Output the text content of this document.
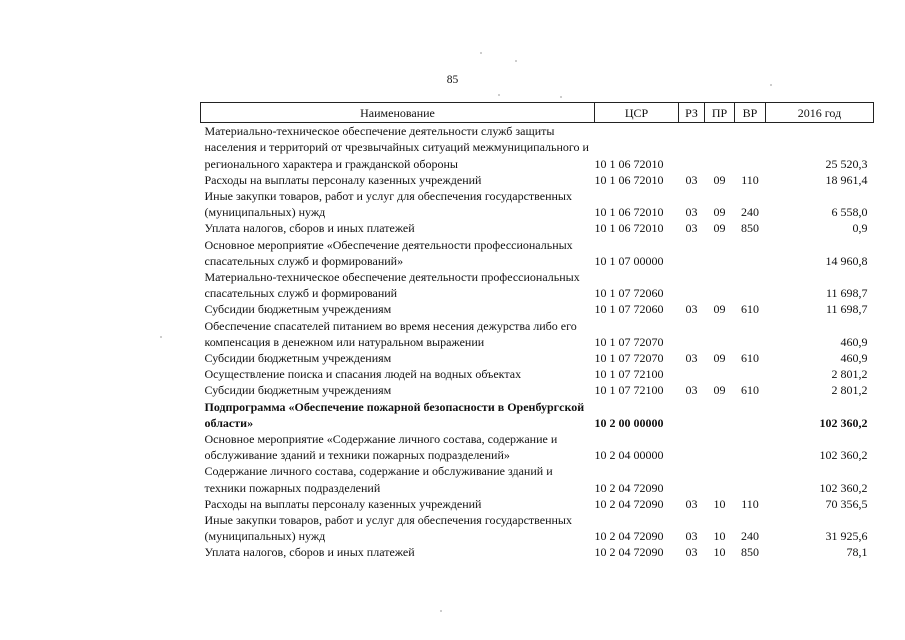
85
Наименование	ЦСР	РЗ	ПР	ВР	2016 год
Материально-техническое обеспечение деятельности служб защиты населения и территорий от чрезвычайных ситуаций межмуниципального и регионального характера и гражданской обороны	10 1 06 72010				25 520,3
Расходы на выплаты персоналу казенных учреждений	10 1 06 72010	03	09	110	18 961,4
Иные закупки товаров, работ и услуг для обеспечения государственных (муниципальных) нужд	10 1 06 72010	03	09	240	6 558,0
Уплата налогов, сборов и иных платежей	10 1 06 72010	03	09	850	0,9
Основное мероприятие «Обеспечение деятельности профессиональных спасательных служб и формирований»	10 1 07 00000				14 960,8
Материально-техническое обеспечение деятельности профессиональных спасательных служб и формирований	10 1 07 72060				11 698,7
Субсидии бюджетным учреждениям	10 1 07 72060	03	09	610	11 698,7
Обеспечение спасателей питанием во время несения дежурства либо его компенсация в денежном или натуральном выражении	10 1 07 72070				460,9
Субсидии бюджетным учреждениям	10 1 07 72070	03	09	610	460,9
Осуществление поиска и спасания людей на водных объектах	10 1 07 72100				2 801,2
Субсидии бюджетным учреждениям	10 1 07 72100	03	09	610	2 801,2
Подпрограмма «Обеспечение пожарной безопасности в Оренбургской области»	10 2 00 00000				102 360,2
Основное мероприятие «Содержание личного состава, содержание и обслуживание зданий и техники пожарных подразделений»	10 2 04 00000				102 360,2
Содержание личного состава, содержание и обслуживание зданий и техники пожарных подразделений	10 2 04 72090				102 360,2
Расходы на выплаты персоналу казенных учреждений	10 2 04 72090	03	10	110	70 356,5
Иные закупки товаров, работ и услуг для обеспечения государственных (муниципальных) нужд	10 2 04 72090	03	10	240	31 925,6
Уплата налогов, сборов и иных платежей	10 2 04 72090	03	10	850	78,1
